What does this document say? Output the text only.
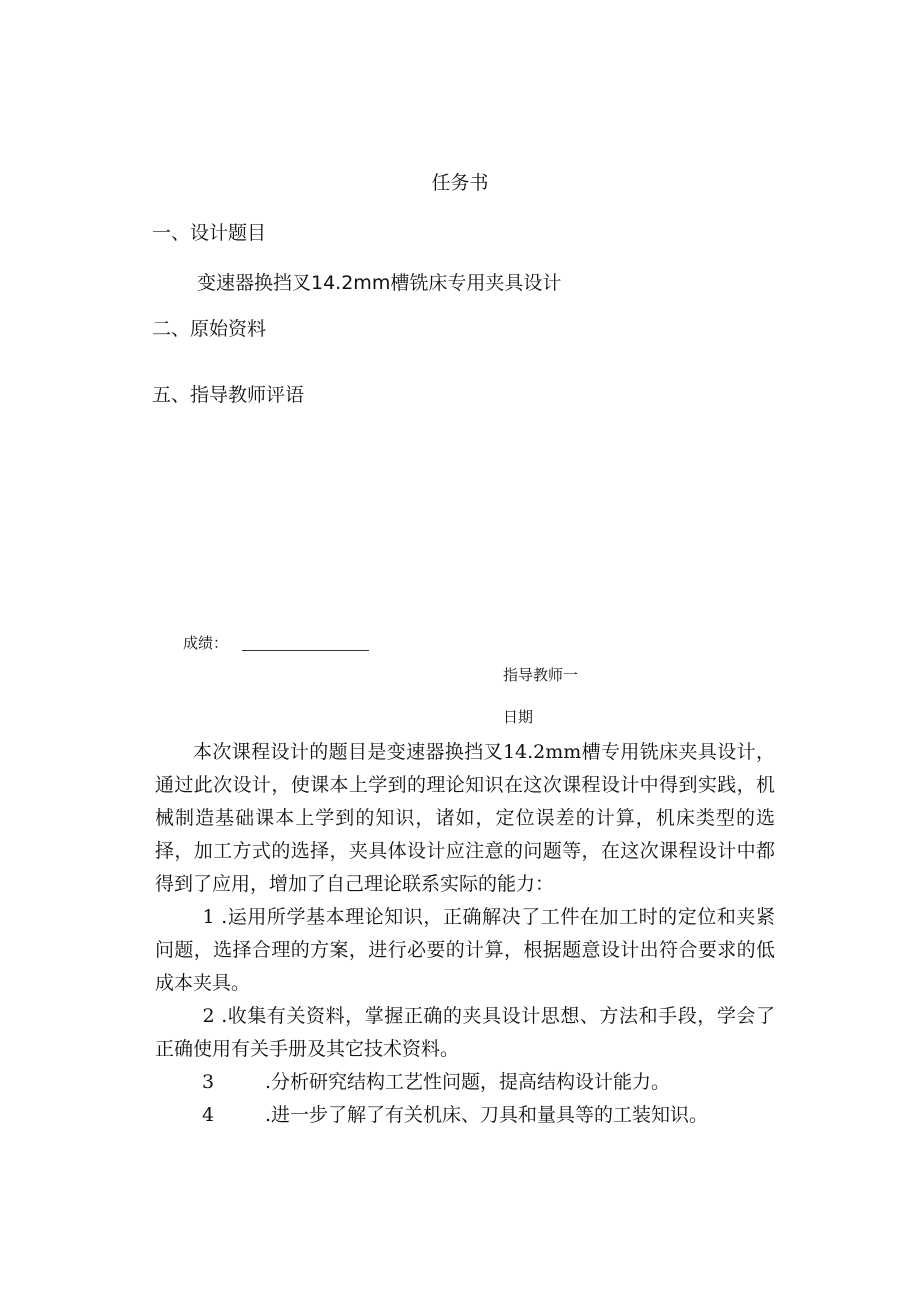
任务书
一、设计题目
变速器换挡叉14.2mm槽铣床专用夹具设计
二、原始资料
五、指导教师评语
成绩：
指导教师一
日期

本次课程设计的题目是变速器换挡叉14.2mm槽专用铣床夹具设计，通过此次设计，使课本上学到的理论知识在这次课程设计中得到实践，机械制造基础课本上学到的知识，诸如，定位误差的计算，机床类型的选择，加工方式的选择，夹具体设计应注意的问题等，在这次课程设计中都得到了应用，增加了自己理论联系实际的能力：

1 .运用所学基本理论知识，正确解决了工件在加工时的定位和夹紧问题，选择合理的方案，进行必要的计算，根据题意设计出符合要求的低成本夹具。

2 .收集有关资料，掌握正确的夹具设计思想、方法和手段，学会了正确使用有关手册及其它技术资料。

3	.分析研究结构工艺性问题，提高结构设计能力。

4	.进一步了解了有关机床、刀具和量具等的工装知识。
